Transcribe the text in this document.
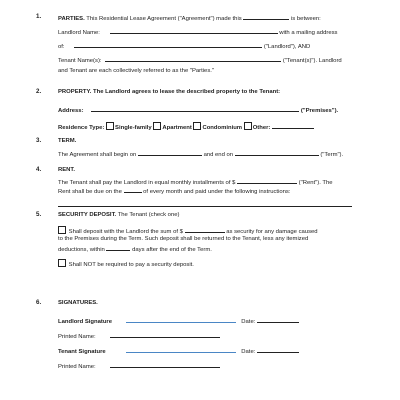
1.	PARTIES. This Residential Lease Agreement ("Agreement") made this	is between:
Landlord Name:	with a mailing address
of:	("Landlord"), AND
Tenant Name(s):	("Tenant(s)"). Landlord
and Tenant are each collectively referred to as the "Parties."
2.	PROPERTY. The Landlord agrees to lease the described property to the Tenant:
Address:	("Premises").
Residence Type: Single-family Apartment Condominium Other:
3.	TERM.
The Agreement shall begin on	and end on	("Term").
4.	RENT.
The Tenant shall pay the Landlord in equal monthly installments of $	("Rent"). The
Rent shall be due on the	of every month and paid under the following instructions:
5.	SECURITY DEPOSIT. The Tenant (check one)
Shall deposit with the Landlord the sum of $	as security for any damage caused
to the Premises during the Term. Such deposit shall be returned to the Tenant, less any itemized
deductions, within	days after the end of the Term.
Shall NOT be required to pay a security deposit.
6.	SIGNATURES.
Landlord Signature	Date:
Printed Name:
Tenant Signature	Date:
Printed Name:
